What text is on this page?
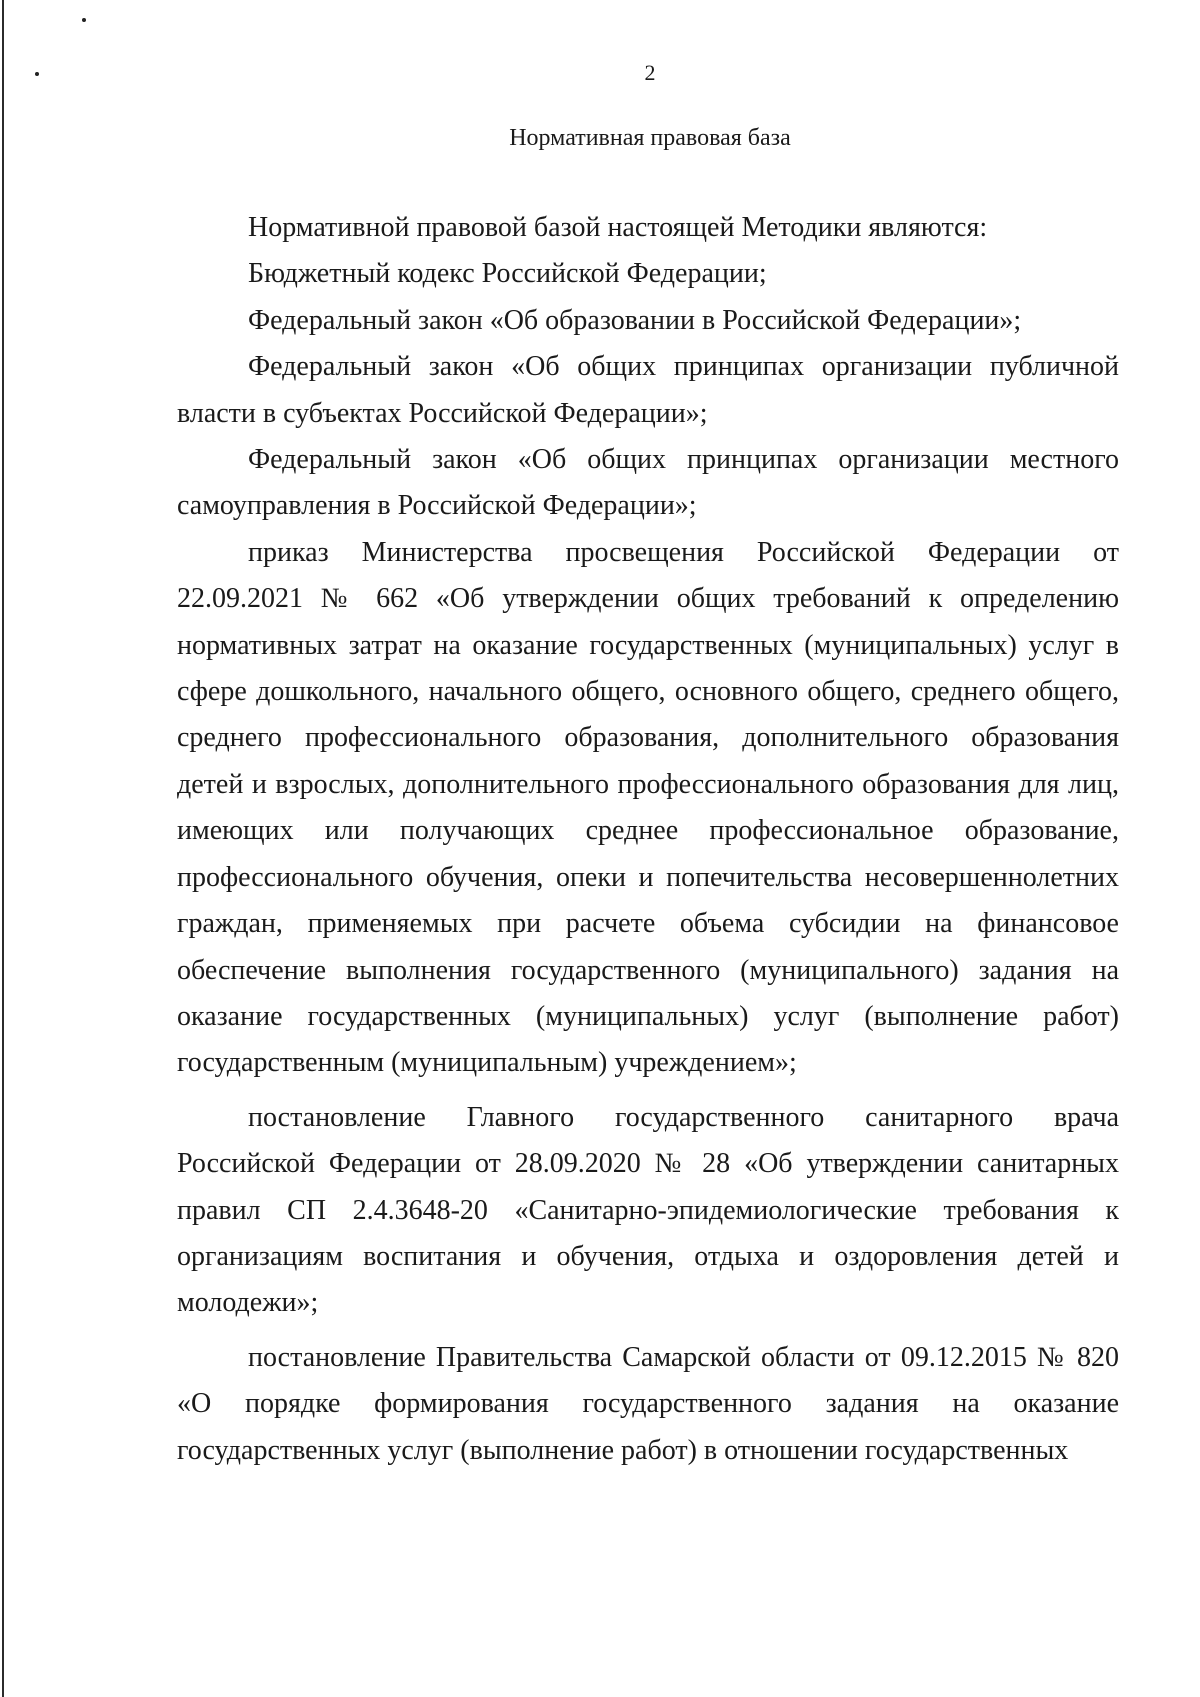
2
Нормативная правовая база

Нормативной правовой базой настоящей Методики являются:

Бюджетный кодекс Российской Федерации;

Федеральный закон «Об образовании в Российской Федерации»;

Федеральный закон «Об общих принципах организации публичной власти в субъектах Российской Федерации»;

Федеральный закон «Об общих принципах организации местного самоуправления в Российской Федерации»;

приказ Министерства просвещения Российской Федерации от 22.09.2021 № 662 «Об утверждении общих требований к определению нормативных затрат на оказание государственных (муниципальных) услуг в сфере дошкольного, начального общего, основного общего, среднего общего, среднего профессионального образования, дополнительного образования детей и взрослых, дополнительного профессионального образования для лиц, имеющих или получающих среднее профессиональное образование, профессионального обучения, опеки и попечительства несовершеннолетних граждан, применяемых при расчете объема субсидии на финансовое обеспечение выполнения государственного (муниципального) задания на оказание государственных (муниципальных) услуг (выполнение работ) государственным (муниципальным) учреждением»;

постановление Главного государственного санитарного врача Российской Федерации от 28.09.2020 № 28 «Об утверждении санитарных правил СП 2.4.3648-20 «Санитарно-эпидемиологические требования к организациям воспитания и обучения, отдыха и оздоровления детей и молодежи»;

постановление Правительства Самарской области от 09.12.2015 № 820 «О порядке формирования государственного задания на оказание государственных услуг (выполнение работ) в отношении государственных
